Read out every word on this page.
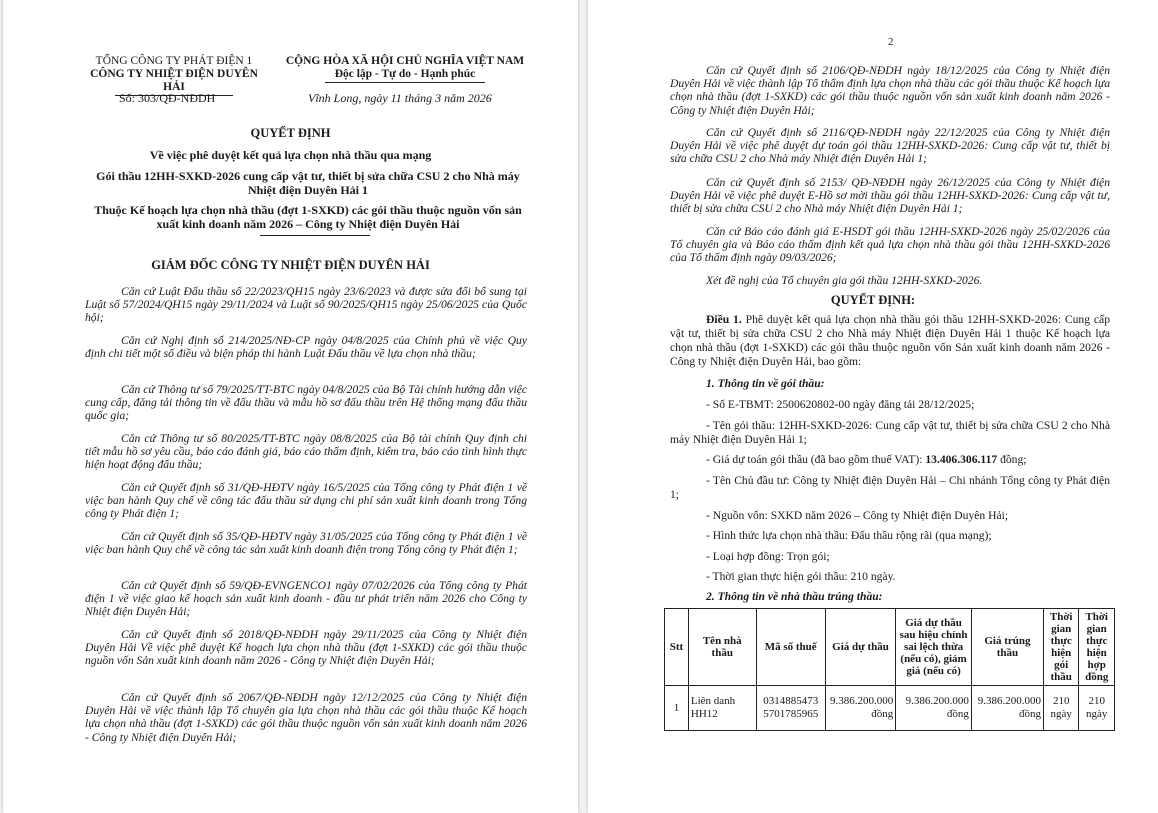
TỔNG CÔNG TY PHÁT ĐIỆN 1
CÔNG TY NHIỆT ĐIỆN DUYÊN HẢI
CỘNG HÒA XÃ HỘI CHỦ NGHĨA VIỆT NAM
Độc lập - Tự do - Hạnh phúc
Số: 303/QĐ-NĐDH	Vĩnh Long, ngày 11 tháng 3 năm 2026
QUYẾT ĐỊNH
Về việc phê duyệt kết quả lựa chọn nhà thầu qua mạng
Gói thầu 12HH-SXKD-2026 cung cấp vật tư, thiết bị sửa chữa CSU 2 cho Nhà máy Nhiệt điện Duyên Hải 1
Thuộc Kế hoạch lựa chọn nhà thầu (đợt 1-SXKD) các gói thầu thuộc nguồn vốn sản xuất kinh doanh năm 2026 – Công ty Nhiệt điện Duyên Hải
GIÁM ĐỐC CÔNG TY NHIỆT ĐIỆN DUYÊN HẢI
Căn cứ Luật Đấu thầu số 22/2023/QH15 ngày 23/6/2023 và được sửa đổi bổ sung tại Luật số 57/2024/QH15 ngày 29/11/2024 và Luật số 90/2025/QH15 ngày 25/06/2025 của Quốc hội;
Căn cứ Nghị định số 214/2025/NĐ-CP ngày 04/8/2025 của Chính phủ về việc Quy định chi tiết một số điều và biện pháp thi hành Luật Đấu thầu về lựa chọn nhà thầu;
Căn cứ Thông tư số 79/2025/TT-BTC ngày 04/8/2025 của Bộ Tài chính hướng dẫn việc cung cấp, đăng tải thông tin về đấu thầu và mẫu hồ sơ đấu thầu trên Hệ thống mạng đấu thầu quốc gia;
Căn cứ Thông tư số 80/2025/TT-BTC ngày 08/8/2025 của Bộ tài chính Quy định chi tiết mẫu hồ sơ yêu cầu, báo cáo đánh giá, báo cáo thẩm định, kiểm tra, báo cáo tình hình thực hiện hoạt động đấu thầu;
Căn cứ Quyết định số 31/QĐ-HĐTV ngày 16/5/2025 của Tổng công ty Phát điện 1 về việc ban hành Quy chế về công tác đấu thầu sử dụng chi phí sản xuất kinh doanh trong Tổng công ty Phát điện 1;
Căn cứ Quyết định số 35/QĐ-HĐTV ngày 31/05/2025 của Tổng công ty Phát điện 1 về việc ban hành Quy chế về công tác sản xuất kinh doanh điện trong Tổng công ty Phát điện 1;
Căn cứ Quyết định số 59/QĐ-EVNGENCO1 ngày 07/02/2026 của Tổng công ty Phát điện 1 về việc giao kế hoạch sản xuất kinh doanh - đầu tư phát triển năm 2026 cho Công ty Nhiệt điện Duyên Hải;
Căn cứ Quyết định số 2018/QĐ-NĐDH ngày 29/11/2025 của Công ty Nhiệt điện Duyên Hải Về việc phê duyệt Kế hoạch lựa chọn nhà thầu (đợt 1-SXKD) các gói thầu thuộc nguồn vốn Sản xuất kinh doanh năm 2026 - Công ty Nhiệt điện Duyên Hải;
Căn cứ Quyết định số 2067/QĐ-NĐDH ngày 12/12/2025 của Công ty Nhiệt điện Duyên Hải về việc thành lập Tổ chuyên gia lựa chọn nhà thầu các gói thầu thuộc Kế hoạch lựa chọn nhà thầu (đợt 1-SXKD) các gói thầu thuộc nguồn vốn sản xuất kinh doanh năm 2026 - Công ty Nhiệt điện Duyên Hải;
2
Căn cứ Quyết định số 2106/QĐ-NĐDH ngày 18/12/2025 của Công ty Nhiệt điện Duyên Hải về việc thành lập Tổ thẩm định lựa chọn nhà thầu các gói thầu thuộc Kế hoạch lựa chọn nhà thầu (đợt 1-SXKD) các gói thầu thuộc nguồn vốn sản xuất kinh doanh năm 2026 - Công ty Nhiệt điện Duyên Hải;
Căn cứ Quyết định số 2116/QĐ-NĐDH ngày 22/12/2025 của Công ty Nhiệt điện Duyên Hải về việc phê duyệt dự toán gói thầu 12HH-SXKD-2026: Cung cấp vật tư, thiết bị sửa chữa CSU 2 cho Nhà máy Nhiệt điện Duyên Hải 1;
Căn cứ Quyết định số 2153/ QĐ-NĐDH ngày 26/12/2025 của Công ty Nhiệt điện Duyên Hải về việc phê duyệt E-Hồ sơ mời thầu gói thầu 12HH-SXKD-2026: Cung cấp vật tư, thiết bị sửa chữa CSU 2 cho Nhà máy Nhiệt điện Duyên Hải 1;
Căn cứ Báo cáo đánh giá E-HSDT gói thầu 12HH-SXKD-2026 ngày 25/02/2026 của Tổ chuyên gia và Báo cáo thẩm định kết quả lựa chọn nhà thầu gói thầu 12HH-SXKD-2026 của Tổ thẩm định ngày 09/03/2026;
Xét đề nghị của Tổ chuyên gia gói thầu 12HH-SXKD-2026.
QUYẾT ĐỊNH:
Điều 1. Phê duyệt kết quả lựa chọn nhà thầu gói thầu 12HH-SXKD-2026: Cung cấp vật tư, thiết bị sửa chữa CSU 2 cho Nhà máy Nhiệt điện Duyên Hải 1 thuộc Kế hoạch lựa chọn nhà thầu (đợt 1-SXKD) các gói thầu thuộc nguồn vốn Sản xuất kinh doanh năm 2026 - Công ty Nhiệt điện Duyên Hải, bao gồm:
1. Thông tin về gói thầu:
- Số E-TBMT: 2500620802-00 ngày đăng tải 28/12/2025;
- Tên gói thầu: 12HH-SXKD-2026: Cung cấp vật tư, thiết bị sửa chữa CSU 2 cho Nhà máy Nhiệt điện Duyên Hải 1;
- Giá dự toán gói thầu (đã bao gồm thuế VAT): 13.406.306.117 đồng;
- Tên Chủ đầu tư: Công ty Nhiệt điện Duyên Hải – Chi nhánh Tổng công ty Phát điện 1;
- Nguồn vốn: SXKD năm 2026 – Công ty Nhiệt điện Duyên Hải;
- Hình thức lựa chọn nhà thầu: Đấu thầu rộng rãi (qua mạng);
- Loại hợp đồng: Trọn gói;
- Thời gian thực hiện gói thầu: 210 ngày.
2. Thông tin về nhà thầu trúng thầu:
Stt	Tên nhà thầu	Mã số thuế	Giá dự thầu	Giá dự thầu sau hiệu chỉnh sai lệch thừa (nếu có), giảm giá (nếu có)	Giá trúng thầu	Thời gian thực hiện gói thầu	Thời gian thực hiện hợp đồng
1	Liên danh HH12	0314885473 5701785965	9.386.200.000 đồng	9.386.200.000 đồng	9.386.200.000 đồng	210 ngày	210 ngày
